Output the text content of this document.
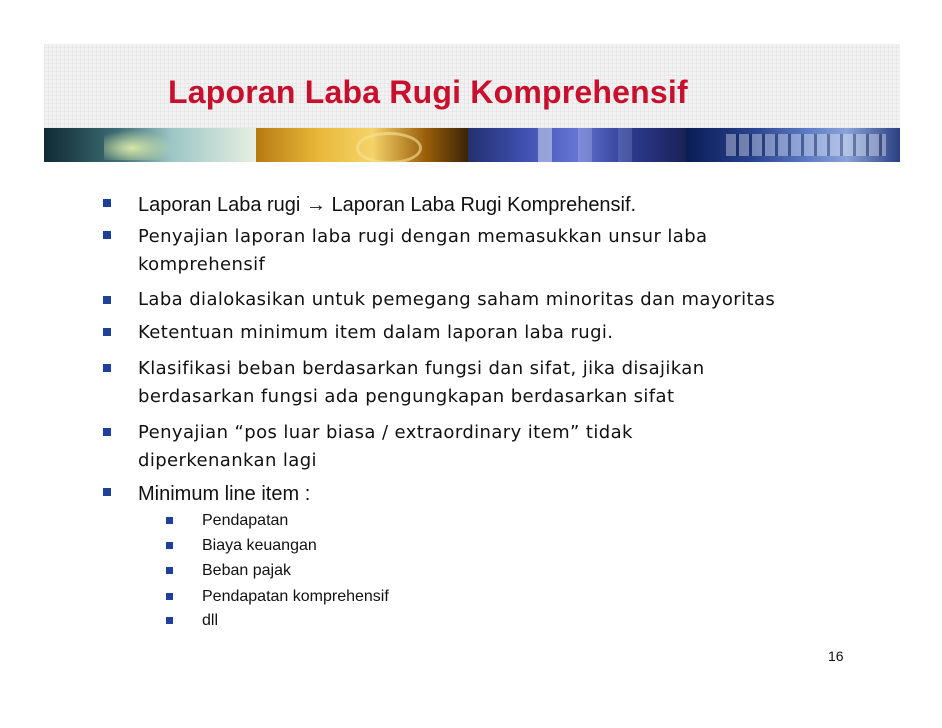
Laporan Laba Rugi Komprehensif

Laporan Laba rugi → Laporan Laba Rugi Komprehensif.

Penyajian laporan laba rugi dengan memasukkan unsur laba

komprehensif

Laba dialokasikan untuk pemegang saham minoritas dan mayoritas

Ketentuan minimum item dalam laporan laba rugi.

Klasifikasi beban berdasarkan fungsi dan sifat, jika disajikan

berdasarkan fungsi ada pengungkapan berdasarkan sifat

Penyajian “pos luar biasa / extraordinary item” tidak

diperkenankan lagi

Minimum line item :

Pendapatan

Biaya keuangan

Beban pajak

Pendapatan komprehensif

dll

16
